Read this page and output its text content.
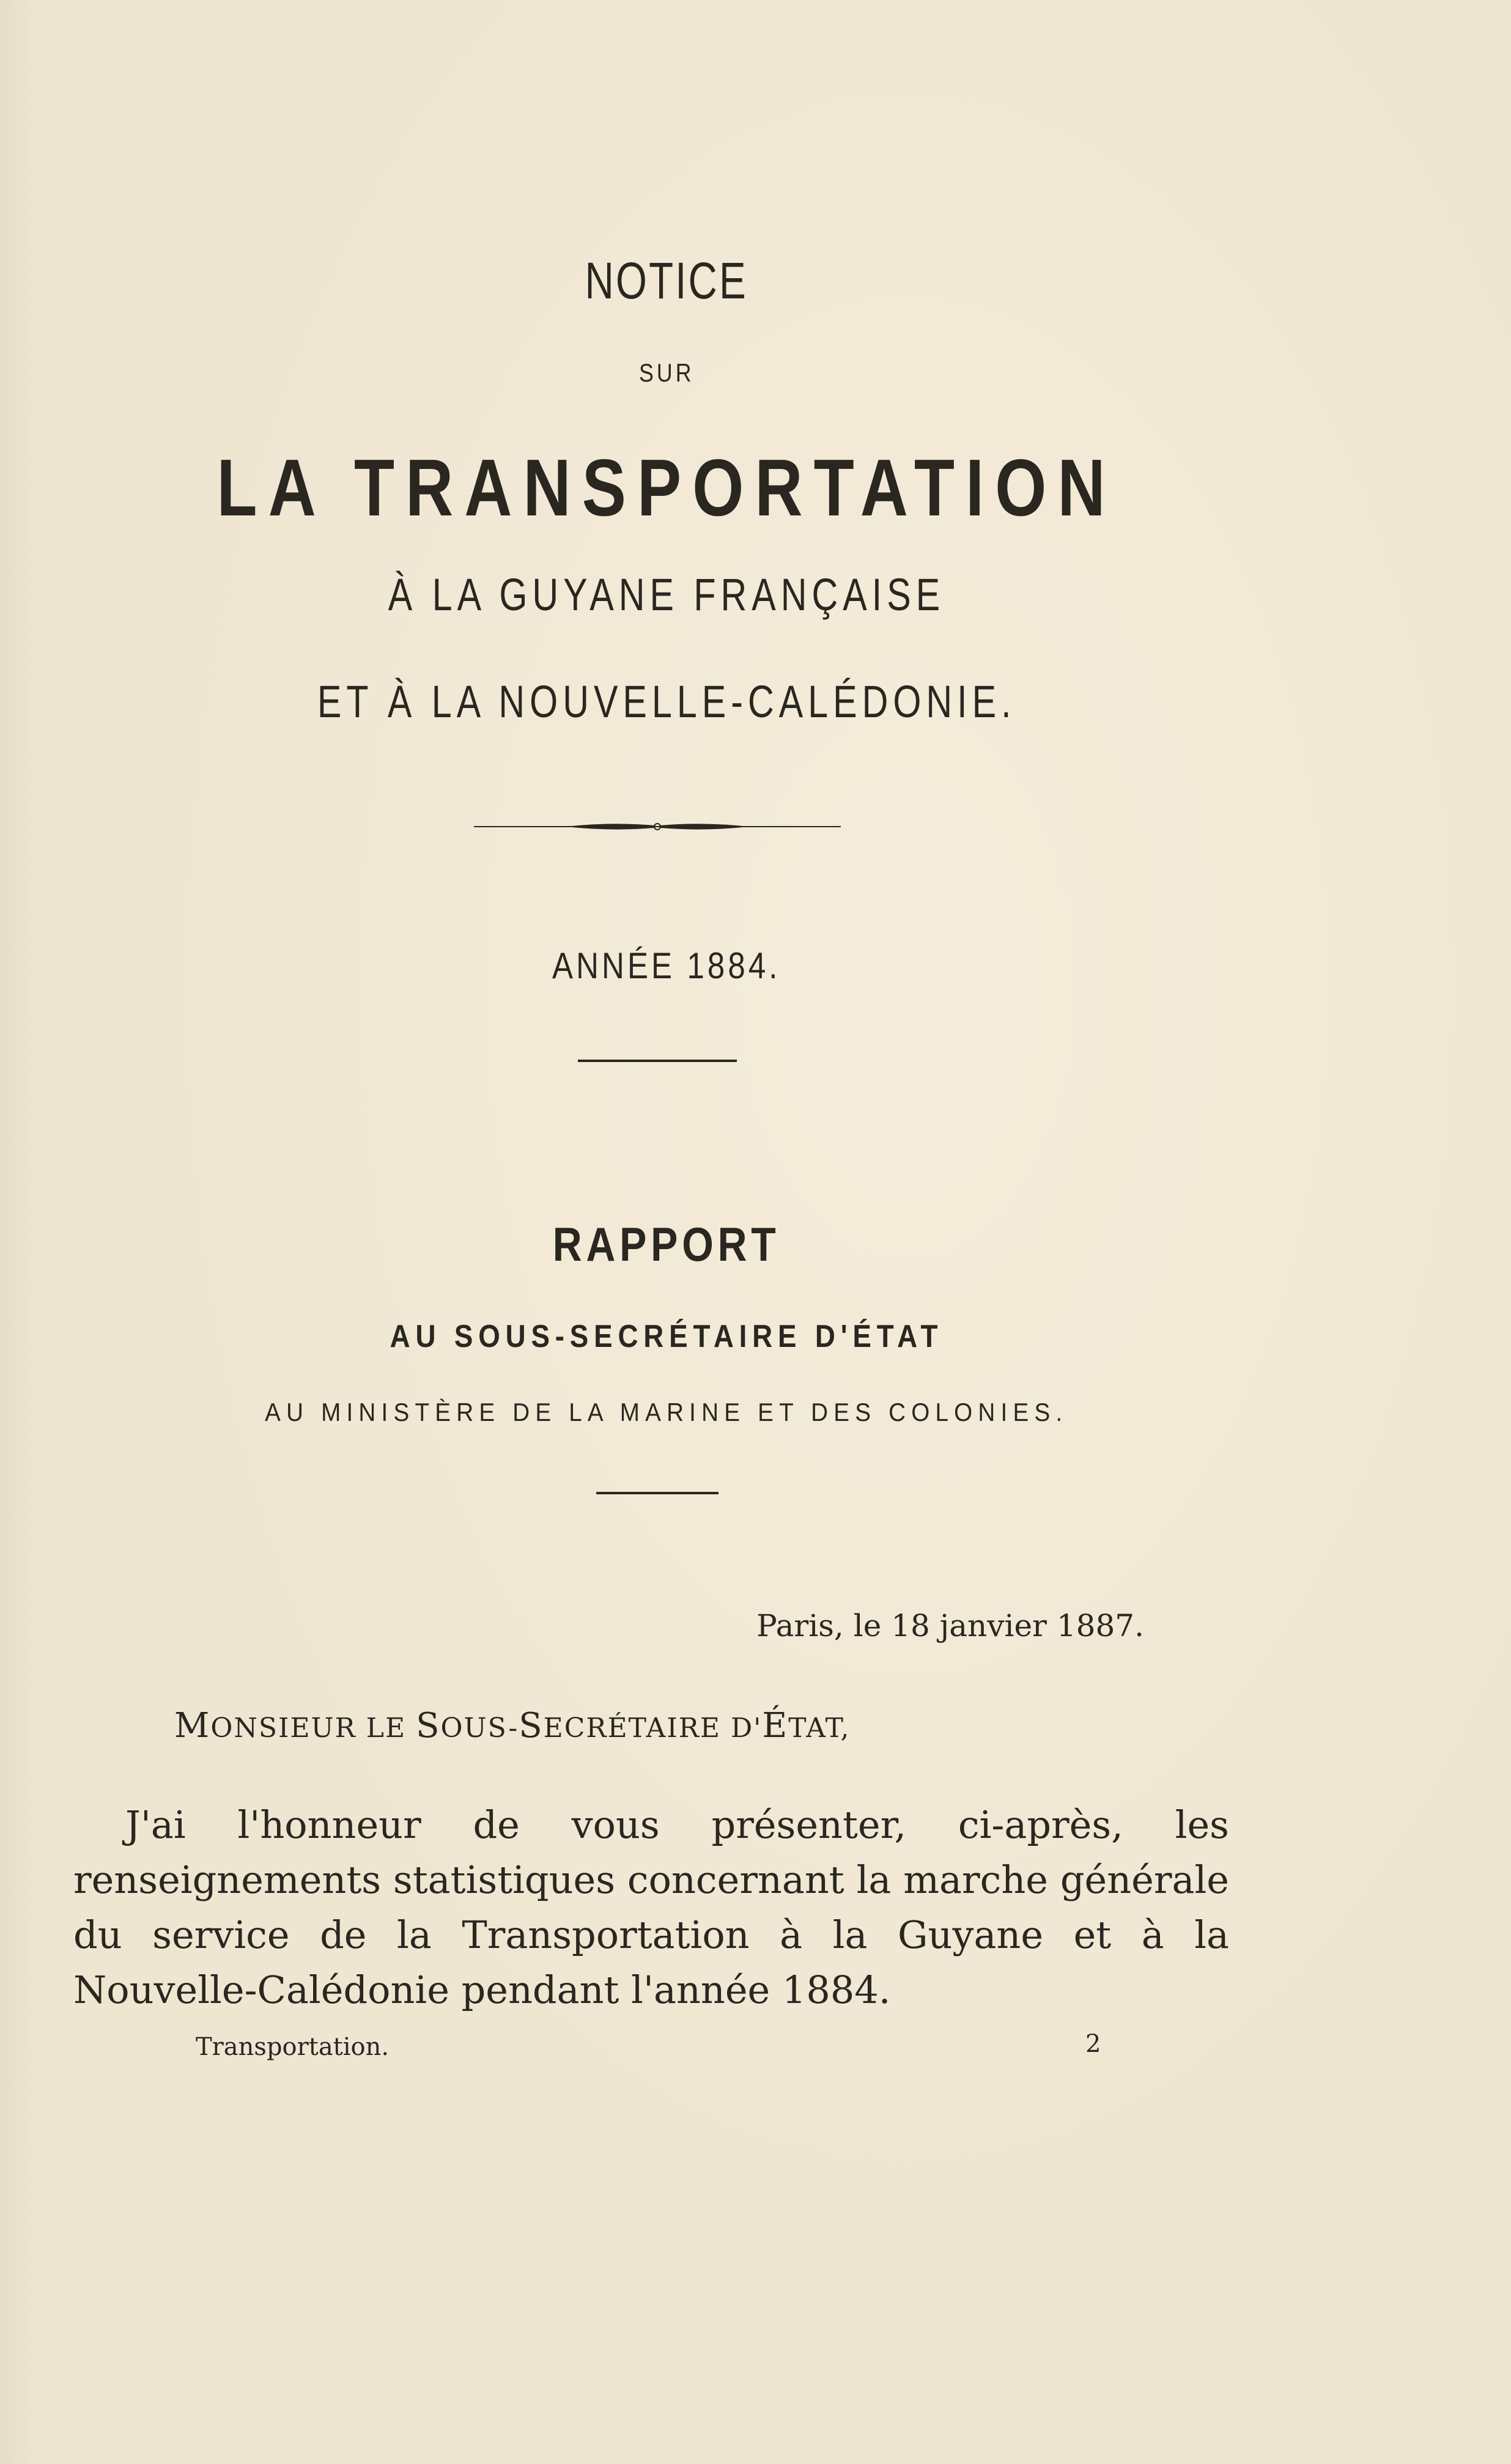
NOTICE
SUR
LA TRANSPORTATION
À LA GUYANE FRANÇAISE
ET À LA NOUVELLE-CALÉDONIE.
ANNÉE 1884.
RAPPORT
AU SOUS-SECRÉTAIRE D'ÉTAT
AU MINISTÈRE DE LA MARINE ET DES COLONIES.
Paris, le 18 janvier 1887.
MONSIEUR LE SOUS-SECRÉTAIRE D'ÉTAT,
J'ai l'honneur de vous présenter, ci-après, les renseignements statistiques concernant la marche générale du service de la Transportation à la Guyane et à la Nouvelle-Calédonie pendant l'année 1884.
Transportation.	2
